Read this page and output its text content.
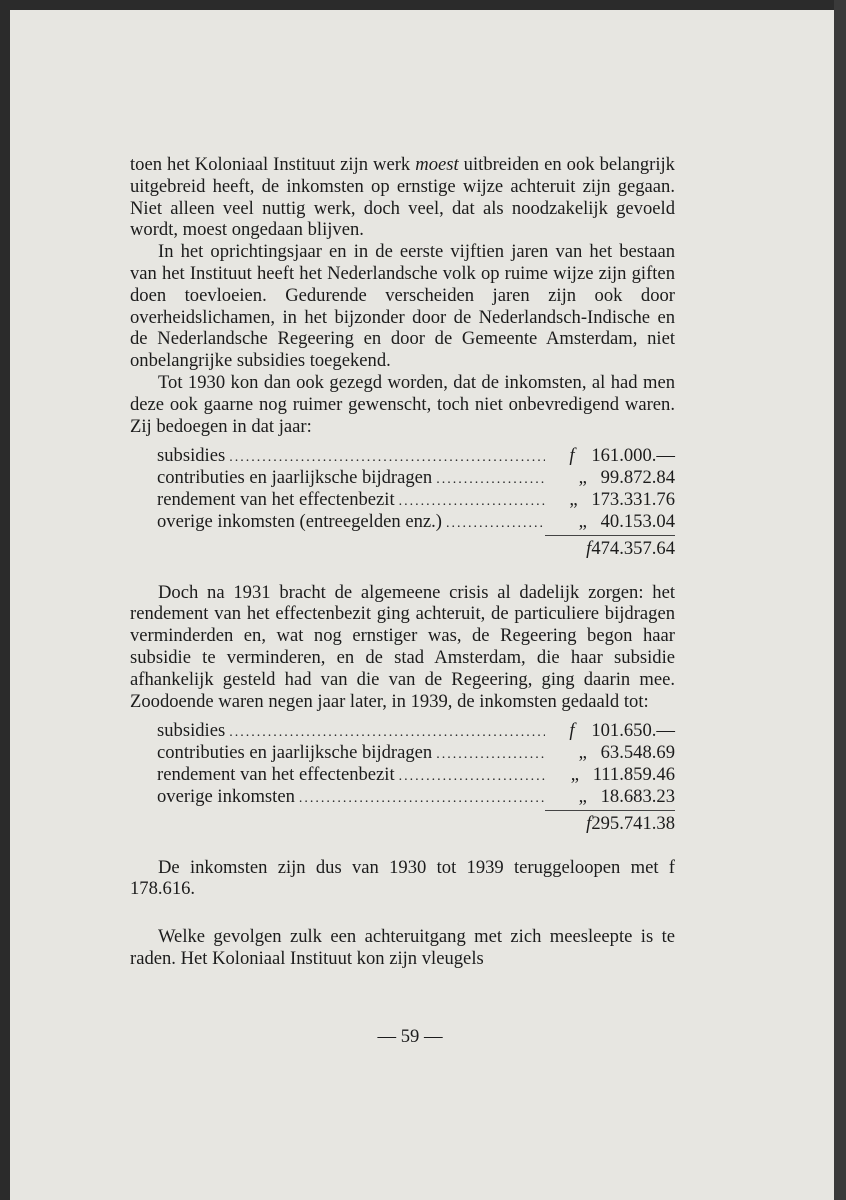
toen het Koloniaal Instituut zijn werk moest uitbreiden en ook belangrijk uitgebreid heeft, de inkomsten op ernstige wijze achteruit zijn gegaan. Niet alleen veel nuttig werk, doch veel, dat als noodzakelijk gevoeld wordt, moest ongedaan blijven.

In het oprichtingsjaar en in de eerste vijftien jaren van het bestaan van het Instituut heeft het Nederlandsche volk op ruime wijze zijn giften doen toevloeien. Gedurende verscheiden jaren zijn ook door overheidslichamen, in het bijzonder door de Nederlandsch-Indische en de Nederlandsche Regeering en door de Gemeente Amsterdam, niet onbelangrijke subsidies toegekend.

Tot 1930 kon dan ook gezegd worden, dat de inkomsten, al had men deze ook gaarne nog ruimer gewenscht, toch niet onbevredigend waren. Zij bedoegen in dat jaar:

subsidies .....	f 161.000.—
contributies en jaarlijksche bijdragen .....	„ 99.872.84
rendement van het effectenbezit .....	„ 173.331.76
overige inkomsten (entreegelden enz.) .....	„ 40.153.04
f474.357.64

Doch na 1931 bracht de algemeene crisis al dadelijk zorgen: het rendement van het effectenbezit ging achteruit, de particuliere bijdragen verminderden en, wat nog ernstiger was, de Regeering begon haar subsidie te verminderen, en de stad Amsterdam, die haar subsidie afhankelijk gesteld had van die van de Regeering, ging daarin mee. Zoodoende waren negen jaar later, in 1939, de inkomsten gedaald tot:

subsidies .....	f 101.650.—
contributies en jaarlijksche bijdragen .....	„ 63.548.69
rendement van het effectenbezit .....	„ 111.859.46
overige inkomsten .....	„ 18.683.23
f295.741.38

De inkomsten zijn dus van 1930 tot 1939 teruggeloopen met f 178.616.

Welke gevolgen zulk een achteruitgang met zich meesleepte is te raden. Het Koloniaal Instituut kon zijn vleugels

— 59 —
